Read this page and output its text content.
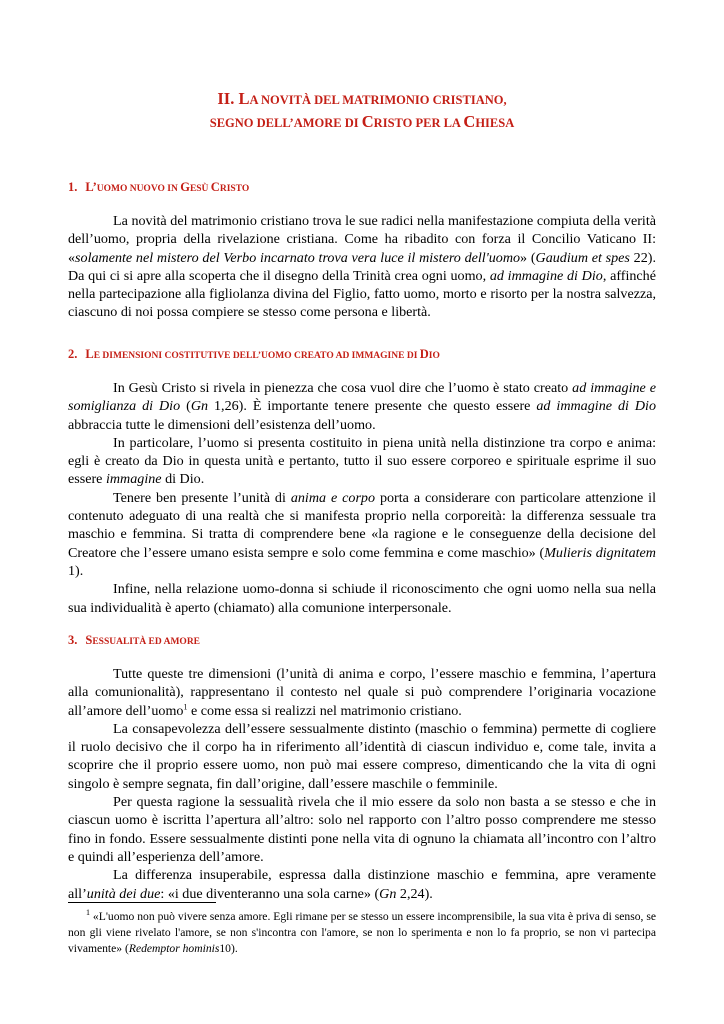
II. LA NOVITÀ DEL MATRIMONIO CRISTIANO,
SEGNO DELL’AMORE DI CRISTO PER LA CHIESA
1. L’UOMO NUOVO IN GESÙ CRISTO

La novità del matrimonio cristiano trova le sue radici nella manifestazione compiuta della verità dell’uomo, propria della rivelazione cristiana. Come ha ribadito con forza il Concilio Vaticano II: «solamente nel mistero del Verbo incarnato trova vera luce il mistero dell'uomo» (Gaudium et spes 22). Da qui ci si apre alla scoperta che il disegno della Trinità crea ogni uomo, ad immagine di Dio, affinché nella partecipazione alla figliolanza divina del Figlio, fatto uomo, morto e risorto per la nostra salvezza, ciascuno di noi possa compiere se stesso come persona e libertà.

2. LE DIMENSIONI COSTITUTIVE DELL’UOMO CREATO AD IMMAGINE DI DIO

In Gesù Cristo si rivela in pienezza che cosa vuol dire che l’uomo è stato creato ad immagine e somiglianza di Dio (Gn 1,26). È importante tenere presente che questo essere ad immagine di Dio abbraccia tutte le dimensioni dell’esistenza dell’uomo.

In particolare, l’uomo si presenta costituito in piena unità nella distinzione tra corpo e anima: egli è creato da Dio in questa unità e pertanto, tutto il suo essere corporeo e spirituale esprime il suo essere immagine di Dio.

Tenere ben presente l’unità di anima e corpo porta a considerare con particolare attenzione il contenuto adeguato di una realtà che si manifesta proprio nella corporeità: la differenza sessuale tra maschio e femmina. Si tratta di comprendere bene «la ragione e le conseguenze della decisione del Creatore che l’essere umano esista sempre e solo come femmina e come maschio» (Mulieris dignitatem 1).

Infine, nella relazione uomo-donna si schiude il riconoscimento che ogni uomo nella sua nella sua individualità è aperto (chiamato) alla comunione interpersonale.

3. SESSUALITÀ ED AMORE

Tutte queste tre dimensioni (l’unità di anima e corpo, l’essere maschio e femmina, l’apertura alla comunionalità), rappresentano il contesto nel quale si può comprendere l’originaria vocazione all’amore dell’uomo$^1$ e come essa si realizzi nel matrimonio cristiano.

La consapevolezza dell’essere sessualmente distinto (maschio o femmina) permette di cogliere il ruolo decisivo che il corpo ha in riferimento all’identità di ciascun individuo e, come tale, invita a scoprire che il proprio essere uomo, non può mai essere compreso, dimenticando che la vita di ogni singolo è sempre segnata, fin dall’origine, dall’essere maschile o femminile.

Per questa ragione la sessualità rivela che il mio essere da solo non basta a se stesso e che in ciascun uomo è iscritta l’apertura all’altro: solo nel rapporto con l’altro posso comprendere me stesso fino in fondo. Essere sessualmente distinti pone nella vita di ognuno la chiamata all’incontro con l’altro e quindi all’esperienza dell’amore.

La differenza insuperabile, espressa dalla distinzione maschio e femmina, apre veramente all’unità dei due: «i due diventeranno una sola carne» (Gn 2,24).

$^1$ «L'uomo non può vivere senza amore. Egli rimane per se stesso un essere incomprensibile, la sua vita è priva di senso, se non gli viene rivelato l'amore, se non s'incontra con l'amore, se non lo sperimenta e non lo fa proprio, se non vi partecipa vivamente» (Redemptor hominis10).
